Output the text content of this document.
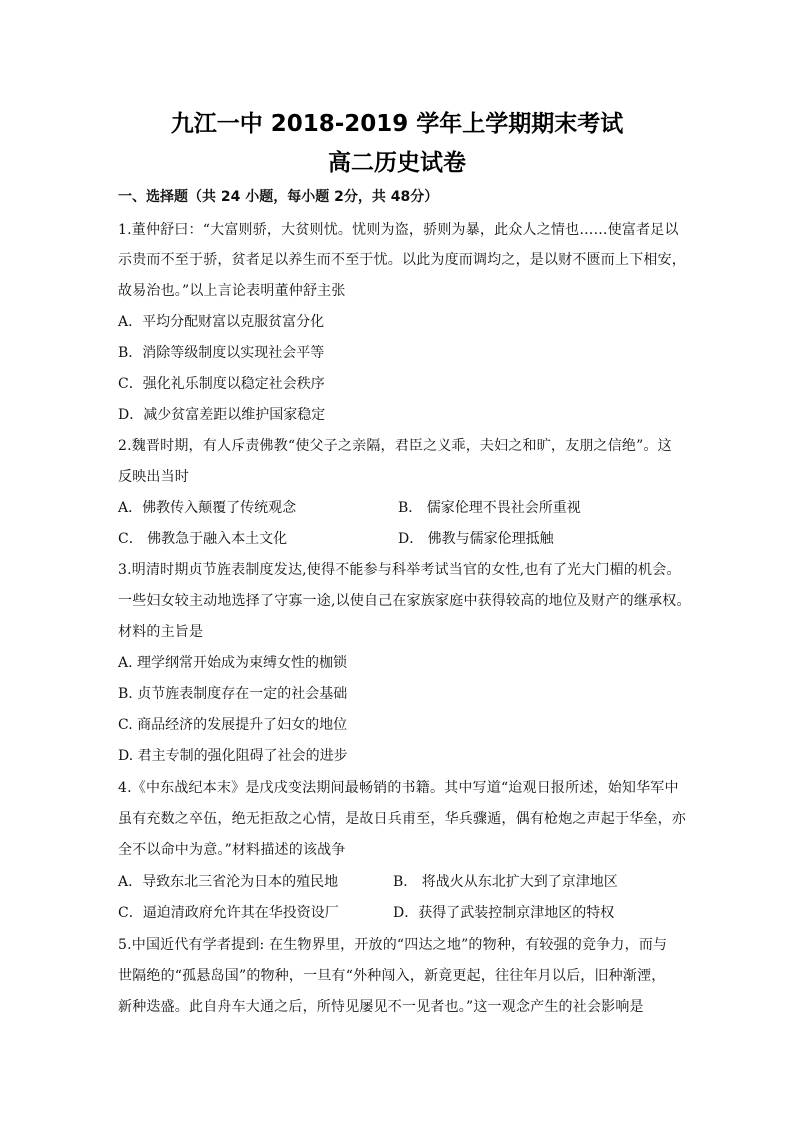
九江一中 2018-2019 学年上学期期末考试
高二历史试卷
一、选择题（共 24 小题，每小题 2分，共 48分）
1.董仲舒曰：“大富则骄，大贫则忧。忧则为盗，骄则为暴，此众人之情也……使富者足以
示贵而不至于骄，贫者足以养生而不至于忧。以此为度而调均之，是以财不匮而上下相安，
故易治也。”以上言论表明董仲舒主张
A．平均分配财富以克服贫富分化
B．消除等级制度以实现社会平等
C．强化礼乐制度以稳定社会秩序
D．减少贫富差距以维护国家稳定
2.魏晋时期，有人斥责佛教“使父子之亲隔，君臣之义乖，夫妇之和旷，友朋之信绝”。这
反映出当时
A．佛教传入颠覆了传统观念	B． 儒家伦理不畏社会所重视
C． 佛教急于融入本土文化	D． 佛教与儒家伦理抵触
3.明清时期贞节旌表制度发达,使得不能参与科举考试当官的女性,也有了光大门楣的机会。
一些妇女较主动地选择了守寡一途,以使自己在家族家庭中获得较高的地位及财产的继承权。
材料的主旨是
A. 理学纲常开始成为束缚女性的枷锁
B. 贞节旌表制度存在一定的社会基础
C. 商品经济的发展提升了妇女的地位
D. 君主专制的强化阻碍了社会的进步
4.《中东战纪本末》是戊戌变法期间最畅销的书籍。其中写道“迨观日报所述，始知华军中
虽有充数之卒伍，绝无拒敌之心情，是故日兵甫至，华兵骤遁，偶有枪炮之声起于华垒，亦
全不以命中为意。”材料描述的该战争
A．导致东北三省沦为日本的殖民地	B． 将战火从东北扩大到了京津地区
C．逼迫清政府允许其在华投资设厂	D．获得了武装控制京津地区的特权
5.中国近代有学者提到: 在生物界里，开放的“四达之地”的物种，有较强的竞争力，而与
世隔绝的“孤悬岛国”的物种，一旦有“外种闯入，新竟更起，往往年月以后，旧种渐湮，
新种迭盛。此自舟车大通之后，所恃见屡见不一见者也。”这一观念产生的社会影响是
